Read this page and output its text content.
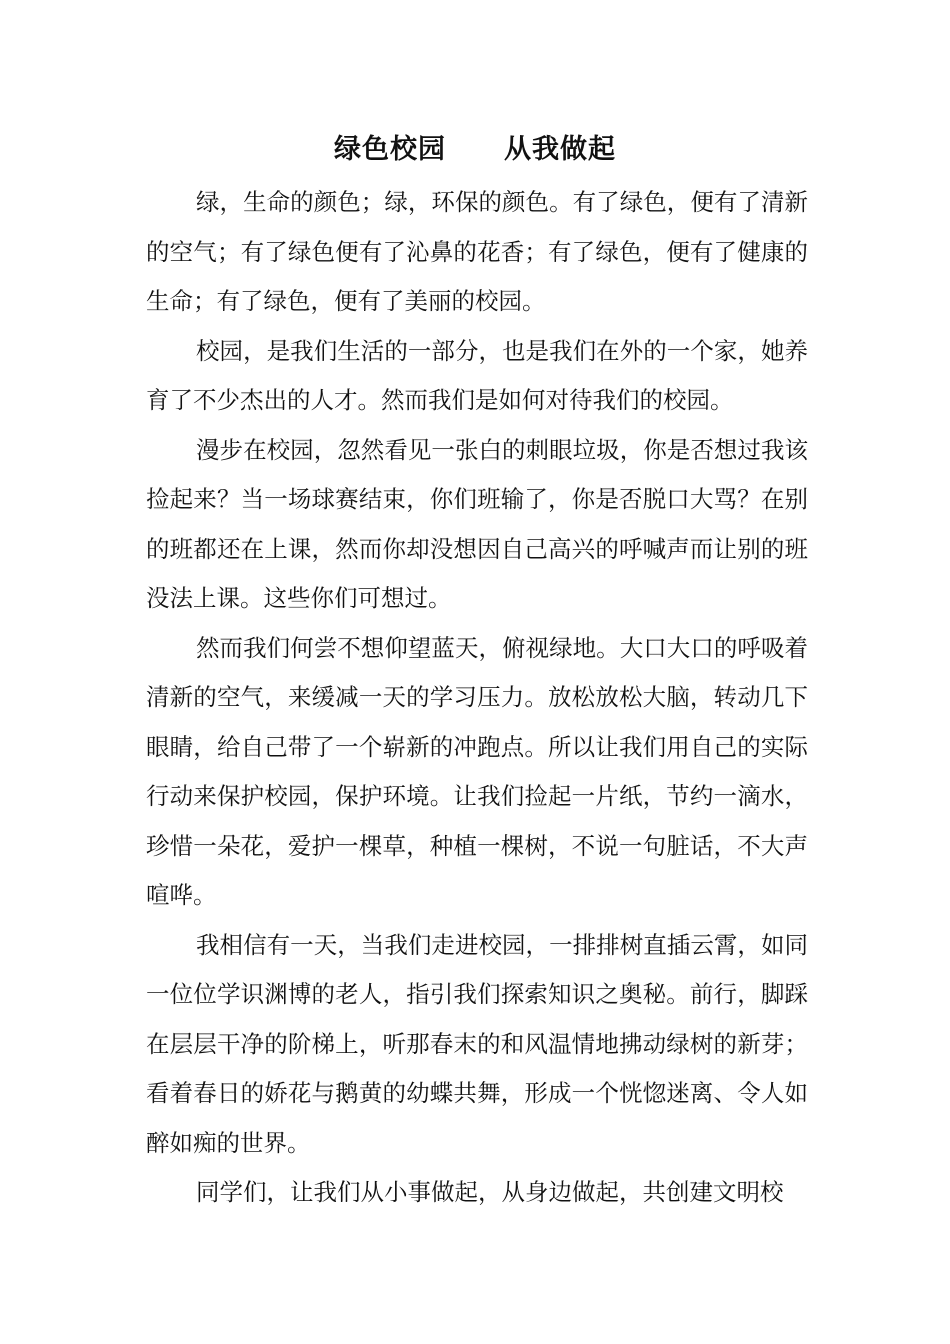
绿色校园 从我做起

绿，生命的颜色；绿，环保的颜色。有了绿色，便有了清新的空气；有了绿色便有了沁鼻的花香；有了绿色，便有了健康的生命；有了绿色，便有了美丽的校园。

校园，是我们生活的一部分，也是我们在外的一个家，她养育了不少杰出的人才。然而我们是如何对待我们的校园。

漫步在校园，忽然看见一张白的刺眼垃圾，你是否想过我该捡起来？当一场球赛结束，你们班输了，你是否脱口大骂？在别的班都还在上课，然而你却没想因自己高兴的呼喊声而让别的班没法上课。这些你们可想过。

然而我们何尝不想仰望蓝天，俯视绿地。大口大口的呼吸着清新的空气，来缓减一天的学习压力。放松放松大脑，转动几下眼睛，给自己带了一个崭新的冲跑点。所以让我们用自己的实际行动来保护校园，保护环境。让我们捡起一片纸，节约一滴水，珍惜一朵花，爱护一棵草，种植一棵树，不说一句脏话，不大声喧哗。

我相信有一天，当我们走进校园，一排排树直插云霄，如同一位位学识渊博的老人，指引我们探索知识之奥秘。前行，脚踩在层层干净的阶梯上，听那春末的和风温情地拂动绿树的新芽；看着春日的娇花与鹅黄的幼蝶共舞，形成一个恍惚迷离、令人如醉如痴的世界。

同学们，让我们从小事做起，从身边做起，共创建文明校
